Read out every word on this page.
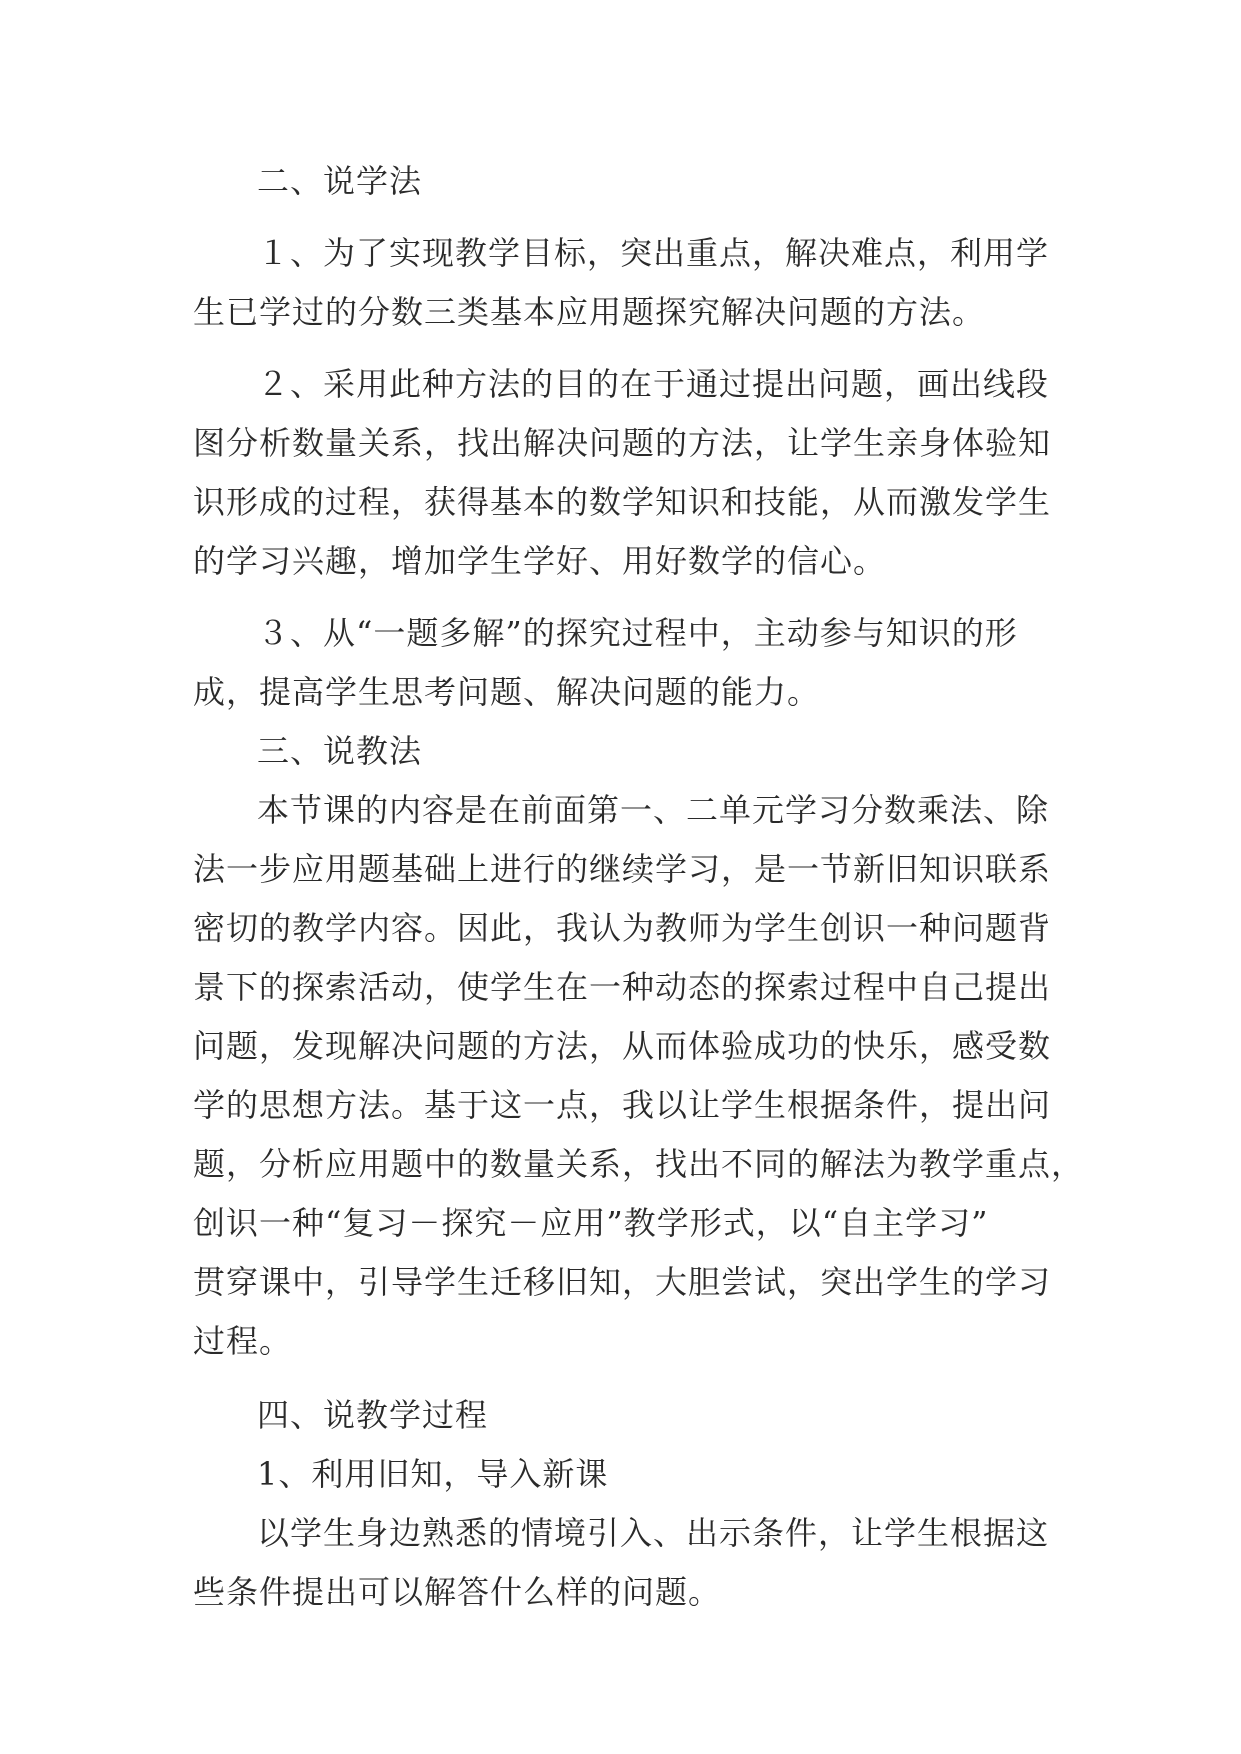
二、说学法
１、为了实现教学目标，突出重点，解决难点，利用学
生已学过的分数三类基本应用题探究解决问题的方法。
２、采用此种方法的目的在于通过提出问题，画出线段
图分析数量关系，找出解决问题的方法，让学生亲身体验知
识形成的过程，获得基本的数学知识和技能，从而激发学生
的学习兴趣，增加学生学好、用好数学的信心。
３、从“一题多解”的探究过程中，主动参与知识的形
成，提高学生思考问题、解决问题的能力。
三、说教法
本节课的内容是在前面第一、二单元学习分数乘法、除
法一步应用题基础上进行的继续学习，是一节新旧知识联系
密切的教学内容。因此，我认为教师为学生创识一种问题背
景下的探索活动，使学生在一种动态的探索过程中自己提出
问题，发现解决问题的方法，从而体验成功的快乐，感受数
学的思想方法。基于这一点，我以让学生根据条件，提出问
题，分析应用题中的数量关系，找出不同的解法为教学重点，
创识一种“复习－探究－应用”教学形式，以“自主学习”
贯穿课中，引导学生迁移旧知，大胆尝试，突出学生的学习
过程。
四、说教学过程
1、利用旧知，导入新课
以学生身边熟悉的情境引入、出示条件，让学生根据这
些条件提出可以解答什么样的问题。
